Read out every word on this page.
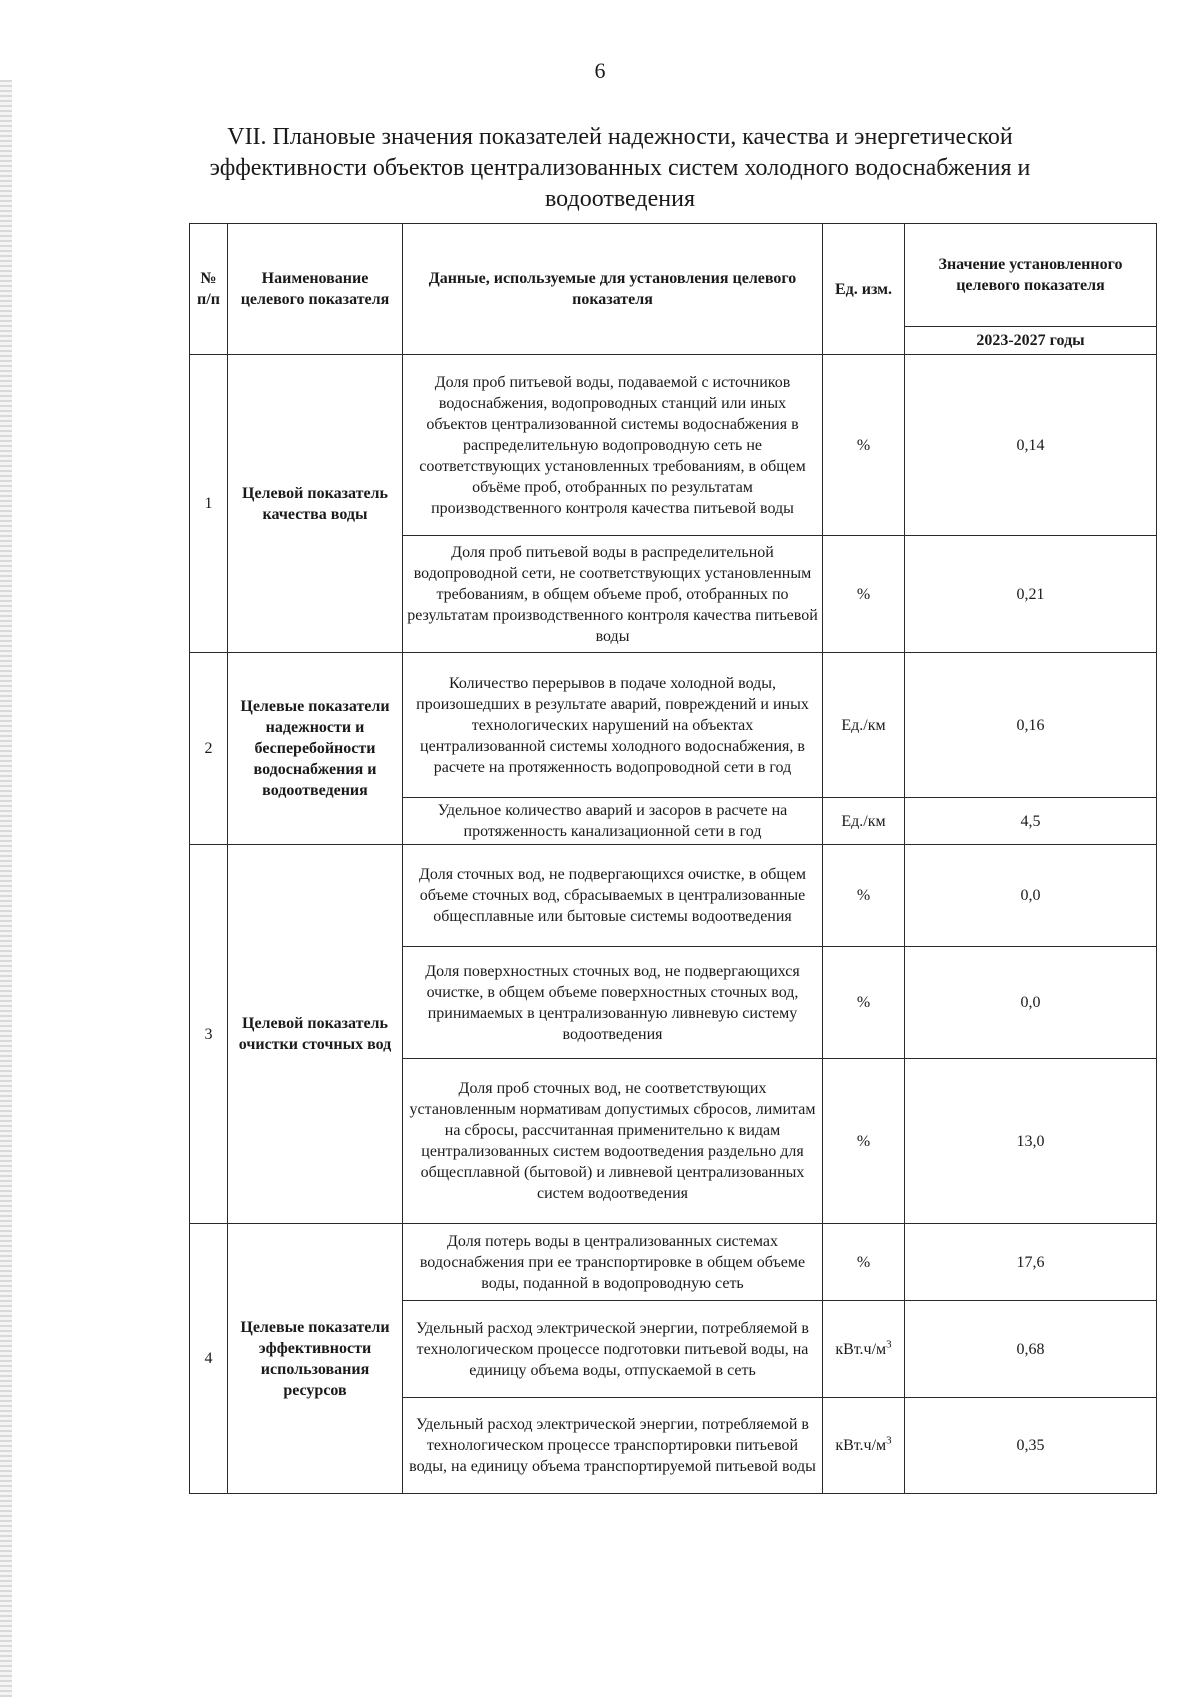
6
VII. Плановые значения показателей надежности, качества и энергетической эффективности объектов централизованных систем холодного водоснабжения и водоотведения
№ п/п	Наименование целевого показателя	Данные, используемые для установления целевого показателя	Ед. изм.	Значение установленного целевого показателя
				2023-2027 годы
1	Целевой показатель качества воды	Доля проб питьевой воды, подаваемой с источников водоснабжения, водопроводных станций или иных объектов централизованной системы водоснабжения в распределительную водопроводную сеть не соответствующих установленных требованиям, в общем объёме проб, отобранных по результатам производственного контроля качества питьевой воды	%	0,14
		Доля проб питьевой воды в распределительной водопроводной сети, не соответствующих установленным требованиям, в общем объеме проб, отобранных по результатам производственного контроля качества питьевой воды	%	0,21
2	Целевые показатели надежности и бесперебойности водоснабжения и водоотведения	Количество перерывов в подаче холодной воды, произошедших в результате аварий, повреждений и иных технологических нарушений на объектах централизованной системы холодного водоснабжения, в расчете на протяженность водопроводной сети в год	Ед./км	0,16
		Удельное количество аварий и засоров в расчете на протяженность канализационной сети в год	Ед./км	4,5
3	Целевой показатель очистки сточных вод	Доля сточных вод, не подвергающихся очистке, в общем объеме сточных вод, сбрасываемых в централизованные общесплавные или бытовые системы водоотведения	%	0,0
		Доля поверхностных сточных вод, не подвергающихся очистке, в общем объеме поверхностных сточных вод, принимаемых в централизованную ливневую систему водоотведения	%	0,0
		Доля проб сточных вод, не соответствующих установленным нормативам допустимых сбросов, лимитам на сбросы, рассчитанная применительно к видам централизованных систем водоотведения раздельно для общесплавной (бытовой) и ливневой централизованных систем водоотведения	%	13,0
4	Целевые показатели эффективности использования ресурсов	Доля потерь воды в централизованных системах водоснабжения при ее транспортировке в общем объеме воды, поданной в водопроводную сеть	%	17,6
		Удельный расход электрической энергии, потребляемой в технологическом процессе подготовки питьевой воды, на единицу объема воды, отпускаемой в сеть	$кВт.ч/м^3$	0,68
		Удельный расход электрической энергии, потребляемой в технологическом процессе транспортировки питьевой воды, на единицу объема транспортируемой питьевой воды	$кВт.ч/м^3$	0,35
